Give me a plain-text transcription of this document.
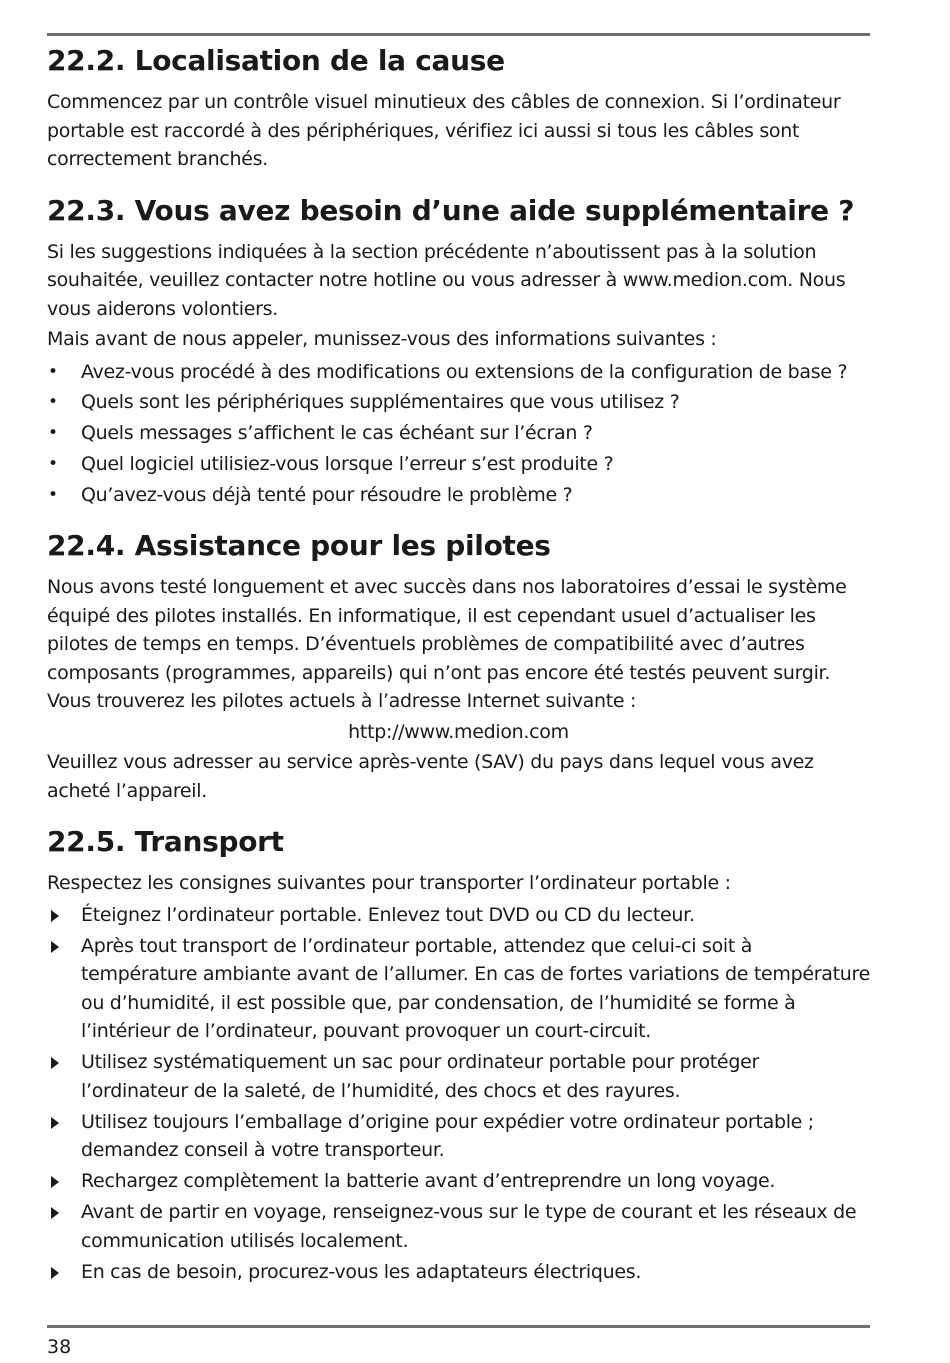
22.2. Localisation de la cause

Commencez par un contrôle visuel minutieux des câbles de connexion. Si l’ordinateur portable est raccordé à des périphériques, vérifiez ici aussi si tous les câbles sont correctement branchés.

22.3. Vous avez besoin d’une aide supplémentaire ?

Si les suggestions indiquées à la section précédente n’aboutissent pas à la solution souhaitée, veuillez contacter notre hotline ou vous adresser à www.medion.com. Nous vous aiderons volontiers.

Mais avant de nous appeler, munissez-vous des informations suivantes :

• Avez-vous procédé à des modifications ou extensions de la configuration de base ?
• Quels sont les périphériques supplémentaires que vous utilisez ?
• Quels messages s’affichent le cas échéant sur l’écran ?
• Quel logiciel utilisiez-vous lorsque l’erreur s’est produite ?
• Qu’avez-vous déjà tenté pour résoudre le problème ?
22.4. Assistance pour les pilotes

Nous avons testé longuement et avec succès dans nos laboratoires d’essai le système équipé des pilotes installés. En informatique, il est cependant usuel d’actualiser les pilotes de temps en temps. D’éventuels problèmes de compatibilité avec d’autres composants (programmes, appareils) qui n’ont pas encore été testés peuvent surgir. Vous trouverez les pilotes actuels à l’adresse Internet suivante :

http://www.medion.com

Veuillez vous adresser au service après-vente (SAV) du pays dans lequel vous avez acheté l’appareil.

22.5. Transport

Respectez les consignes suivantes pour transporter l’ordinateur portable :

Éteignez l’ordinateur portable. Enlevez tout DVD ou CD du lecteur.
Après tout transport de l’ordinateur portable, attendez que celui-ci soit à température ambiante avant de l’allumer. En cas de fortes variations de température ou d’humidité, il est possible que, par condensation, de l’humidité se forme à l’intérieur de l’ordinateur, pouvant provoquer un court-circuit.
Utilisez systématiquement un sac pour ordinateur portable pour protéger l’ordinateur de la saleté, de l’humidité, des chocs et des rayures.
Utilisez toujours l’emballage d’origine pour expédier votre ordinateur portable ; demandez conseil à votre transporteur.
Rechargez complètement la batterie avant d’entreprendre un long voyage.
Avant de partir en voyage, renseignez-vous sur le type de courant et les réseaux de communication utilisés localement.
En cas de besoin, procurez-vous les adaptateurs électriques.
38
